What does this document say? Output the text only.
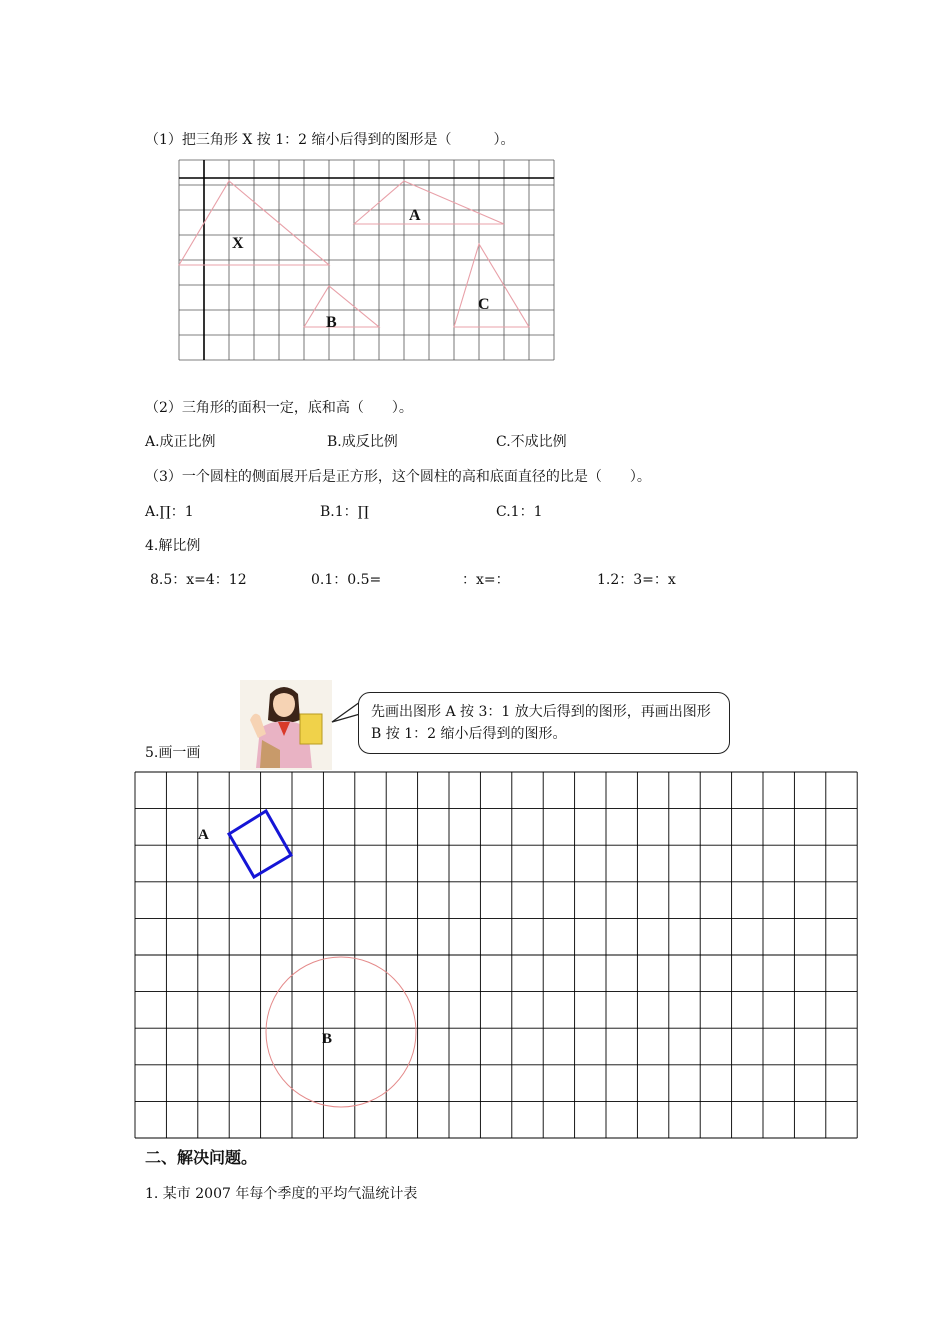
（1）把三角形 X 按 1：2 缩小后得到的图形是（　　　）。
X
A
B
C
（2）三角形的面积一定，底和高（　　）。
A.成正比例	B.成反比例	C.不成比例
（3）一个圆柱的侧面展开后是正方形，这个圆柱的高和底面直径的比是（　　）。
A.∏：1	B.1：∏	C.1：1
4.解比例
8.5：x=4：12	0.1：0.5=	：x=：	1.2：3=：x
先画出图形 A 按 3：1 放大后得到的图形，再画出图形 B 按 1：2 缩小后得到的图形。
5.画一画
A
B
二、解决问题。
1. 某市 2007 年每个季度的平均气温统计表
